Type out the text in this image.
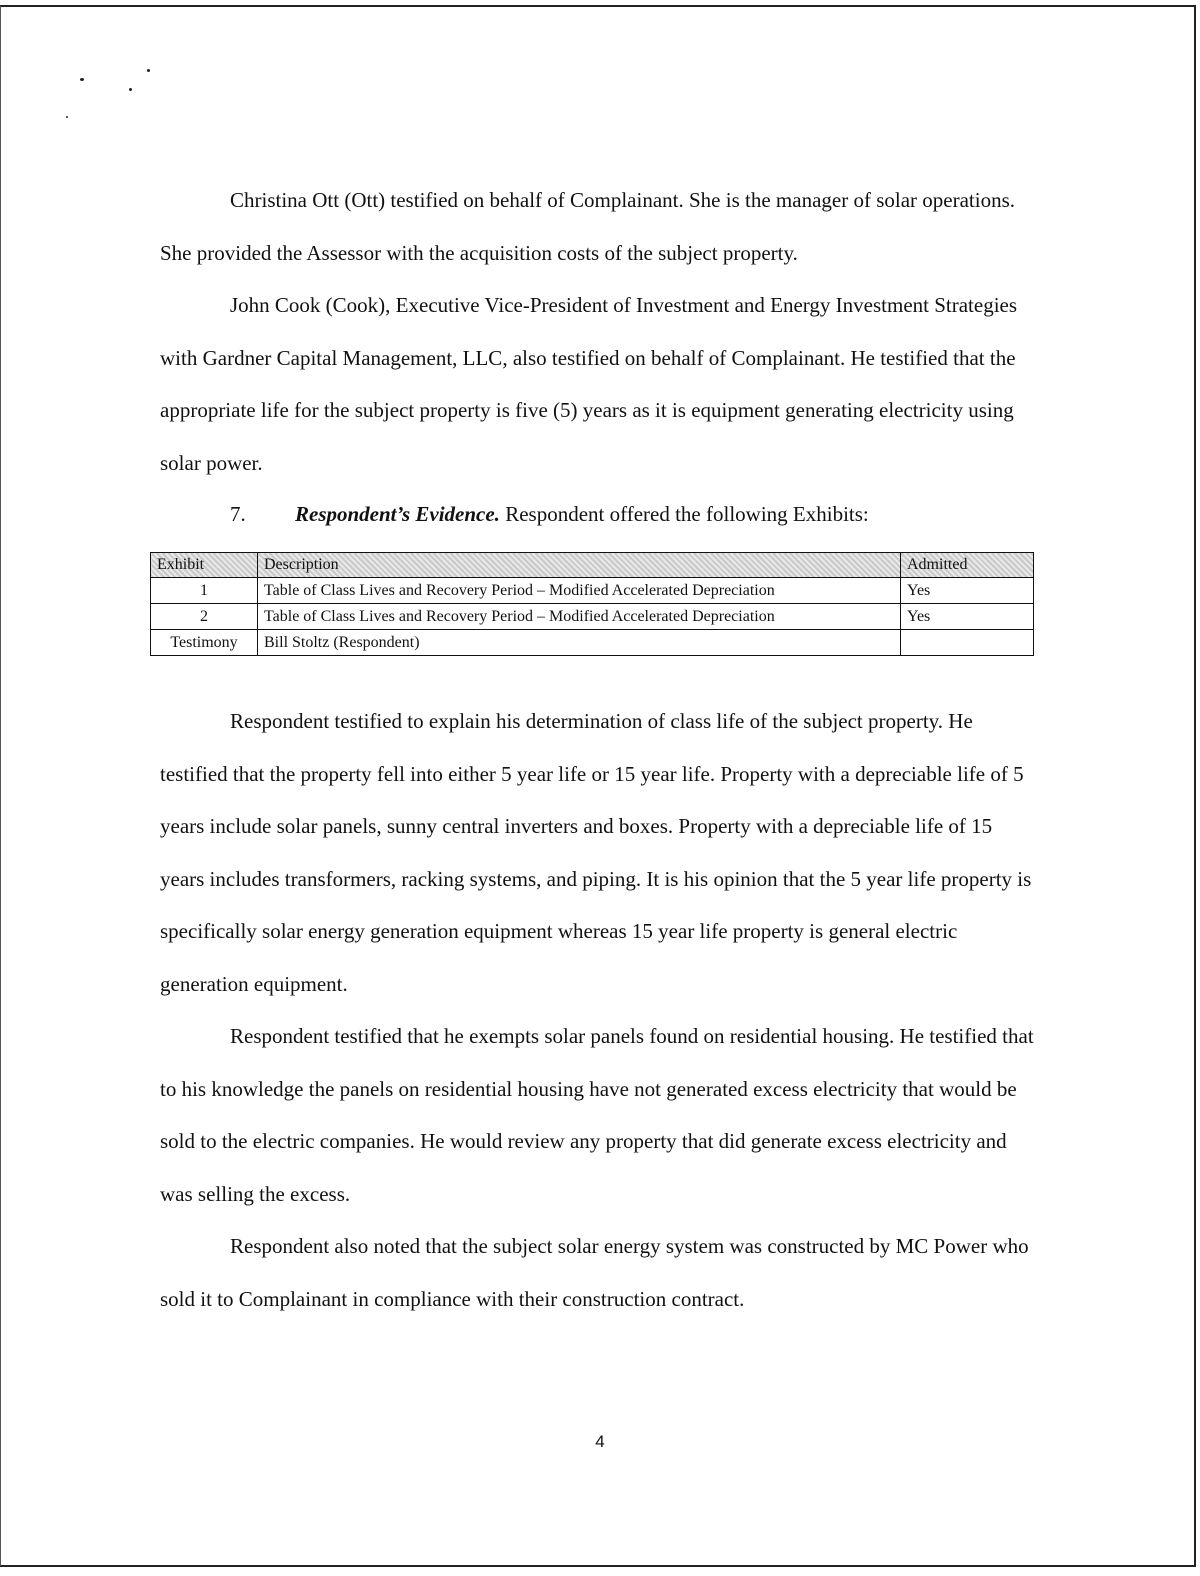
Christina Ott (Ott) testified on behalf of Complainant. She is the manager of solar operations. She provided the Assessor with the acquisition costs of the subject property.

John Cook (Cook), Executive Vice-President of Investment and Energy Investment Strategies with Gardner Capital Management, LLC, also testified on behalf of Complainant. He testified that the appropriate life for the subject property is five (5) years as it is equipment generating electricity using solar power.

7. Respondent’s Evidence. Respondent offered the following Exhibits:
Exhibit	Description	Admitted
1	Table of Class Lives and Recovery Period – Modified Accelerated Depreciation	Yes
2	Table of Class Lives and Recovery Period – Modified Accelerated Depreciation	Yes
Testimony	Bill Stoltz (Respondent)	

Respondent testified to explain his determination of class life of the subject property. He testified that the property fell into either 5 year life or 15 year life. Property with a depreciable life of 5 years include solar panels, sunny central inverters and boxes. Property with a depreciable life of 15 years includes transformers, racking systems, and piping. It is his opinion that the 5 year life property is specifically solar energy generation equipment whereas 15 year life property is general electric generation equipment.

Respondent testified that he exempts solar panels found on residential housing. He testified that to his knowledge the panels on residential housing have not generated excess electricity that would be sold to the electric companies. He would review any property that did generate excess electricity and was selling the excess.

Respondent also noted that the subject solar energy system was constructed by MC Power who sold it to Complainant in compliance with their construction contract.

4
